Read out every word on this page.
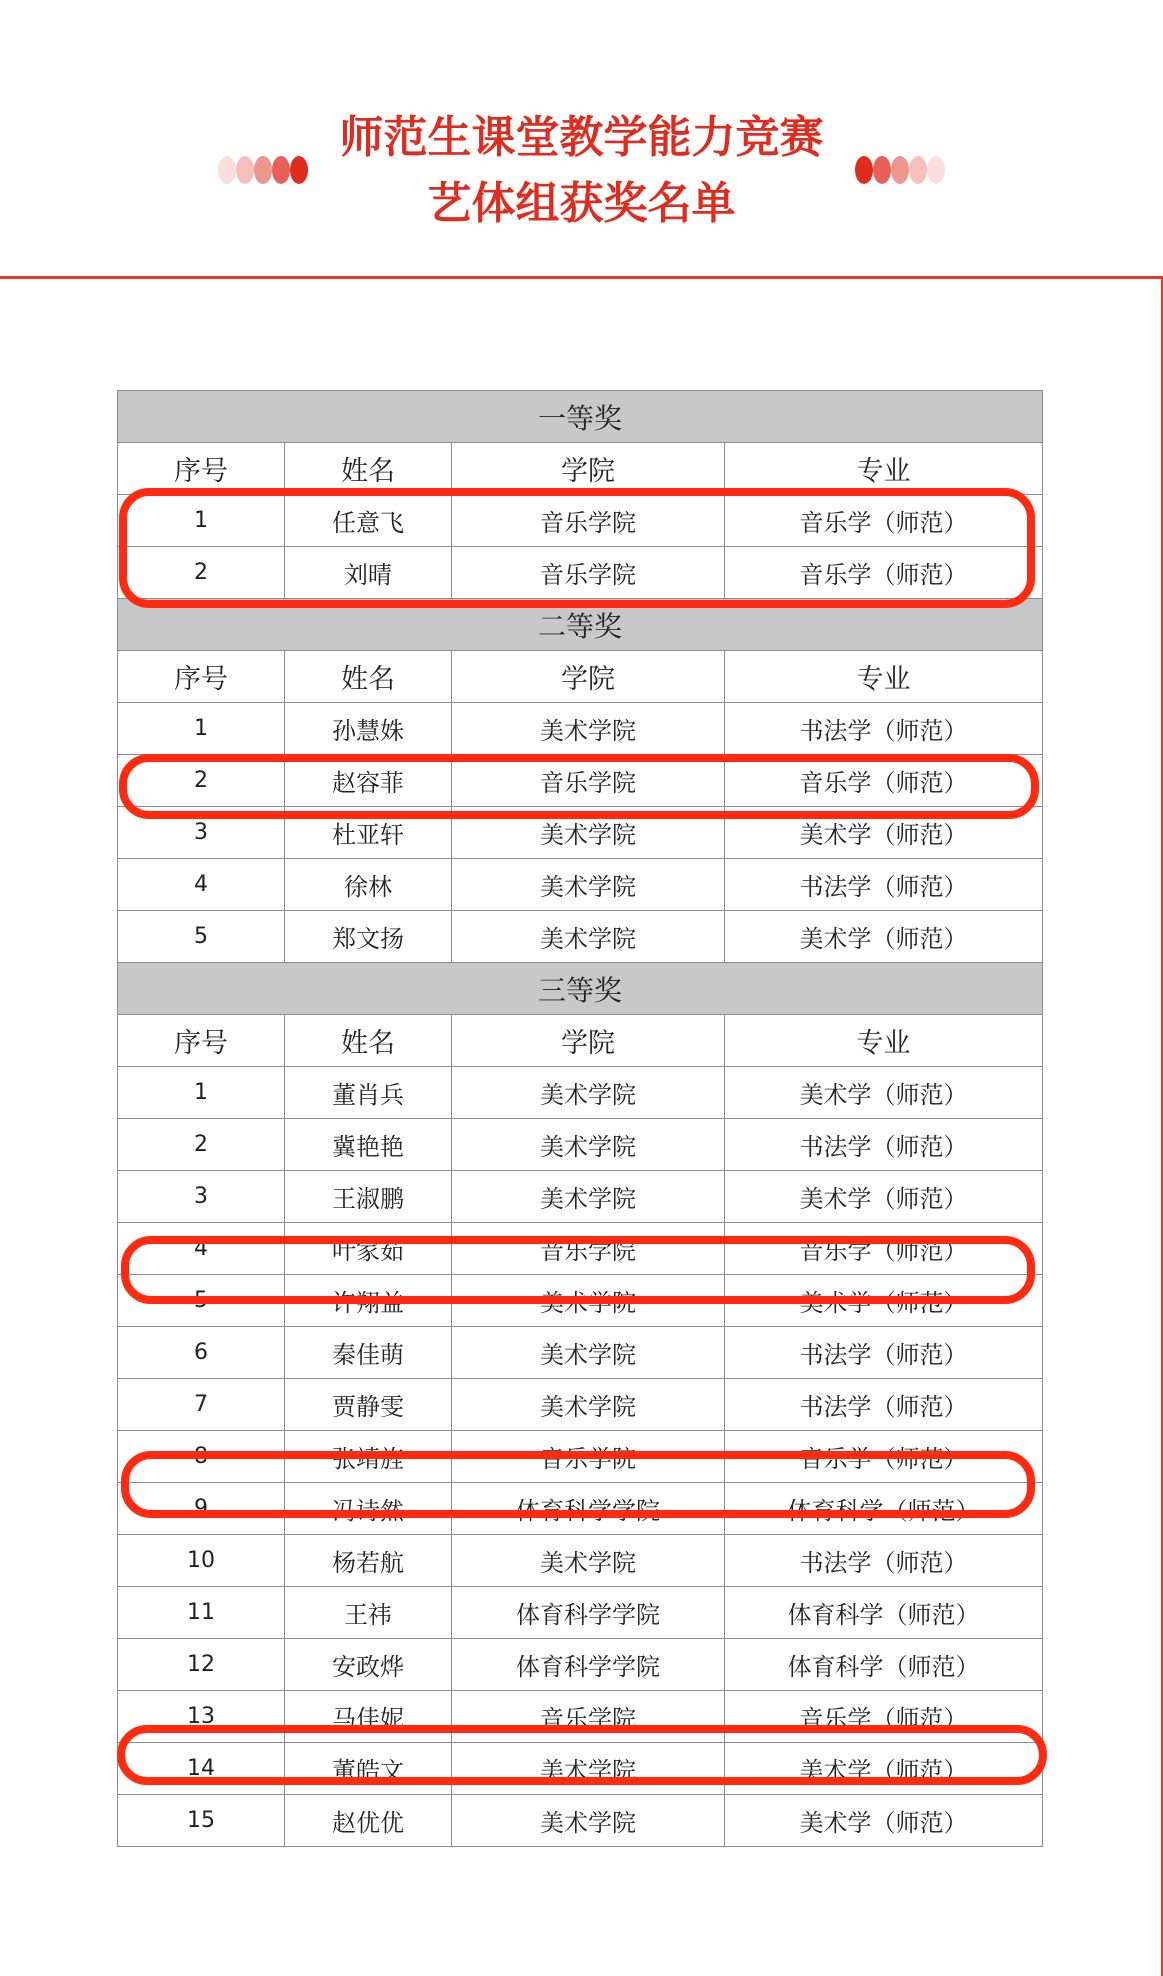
师范生课堂教学能力竞赛
艺体组获奖名单
一等奖			
序号	姓名	学院	专业
1	任意飞	音乐学院	音乐学（师范）
2	刘晴	音乐学院	音乐学（师范）
二等奖			
序号	姓名	学院	专业
1	孙慧姝	美术学院	书法学（师范）
2	赵容菲	音乐学院	音乐学（师范）
3	杜亚轩	美术学院	美术学（师范）
4	徐林	美术学院	书法学（师范）
5	郑文扬	美术学院	美术学（师范）
三等奖			
序号	姓名	学院	专业
1	董肖兵	美术学院	美术学（师范）
2	冀艳艳	美术学院	书法学（师范）
3	王淑鹏	美术学院	美术学（师范）
4	叶家茹	音乐学院	音乐学（师范）
5	许翔益	美术学院	美术学（师范）
6	秦佳萌	美术学院	书法学（师范）
7	贾静雯	美术学院	书法学（师范）
8	张靖旌	音乐学院	音乐学（师范）
9	冯诗然	体育科学学院	体育科学（师范）
10	杨若航	美术学院	书法学（师范）
11	王祎	体育科学学院	体育科学（师范）
12	安政烨	体育科学学院	体育科学（师范）
13	马佳妮	音乐学院	音乐学（师范）
14	董皓文	美术学院	美术学（师范）
15	赵优优	美术学院	美术学（师范）
